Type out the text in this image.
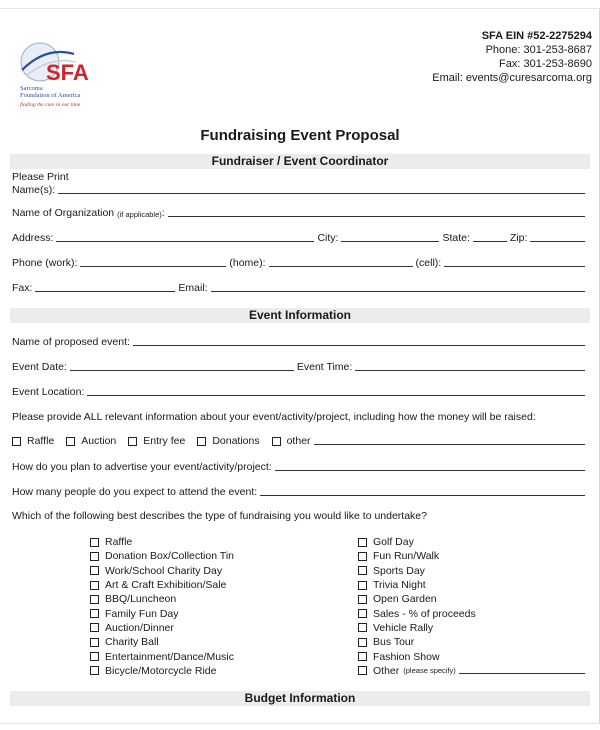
SFA
Sarcoma
Foundation of America
finding the cure in our time
SFA EIN #52-2275294
Phone: 301-253-8687
Fax: 301-253-8690
Email: events@curesarcoma.org
Fundraising Event Proposal
Fundraiser / Event Coordinator
Please Print
Name(s):
Name of Organization (if applicable) :
Address:	City:	State:	Zip:
Phone (work):	(home):	(cell):
Fax:	Email:
Event Information
Name of proposed event:
Event Date:	Event Time:
Event Location:
Please provide ALL relevant information about your event/activity/project, including how the money will be raised:
Raffle	Auction	Entry fee	Donations	other
How do you plan to advertise your event/activity/project:
How many people do you expect to attend the event:
Which of the following best describes the type of fundraising you would like to undertake?
Raffle
Donation Box/Collection Tin
Work/School Charity Day
Art & Craft Exhibition/Sale
BBQ/Luncheon
Family Fun Day
Auction/Dinner
Charity Ball
Entertainment/Dance/Music
Bicycle/Motorcycle Ride
Golf Day
Fun Run/Walk
Sports Day
Trivia Night
Open Garden
Sales - % of proceeds
Vehicle Rally
Bus Tour
Fashion Show
Other (please specify)
Budget Information
